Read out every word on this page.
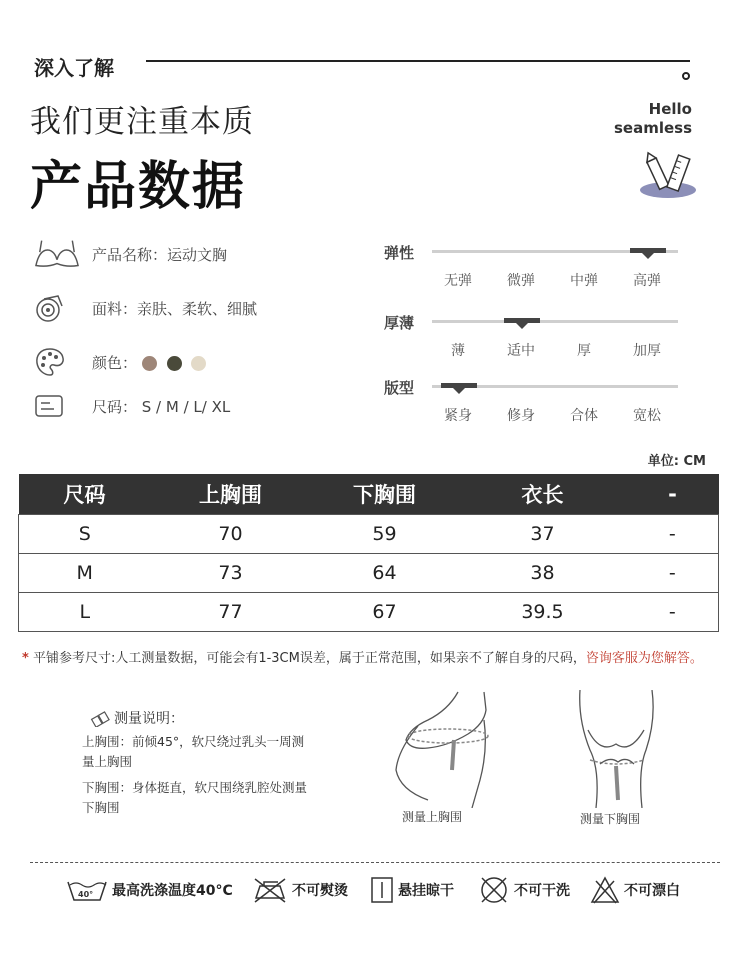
深入了解
我们更注重本质
产品数据
Hello
seamless
产品名称：运动文胸
面料：亲肤、柔软、细腻
颜色：
尺码： S / M / L/ XL
弹性
无弹	微弹	中弹	高弹
厚薄
薄	适中	厚	加厚
版型
紧身	修身	合体	宽松
单位: CM
尺码	上胸围	下胸围	衣长	-
S	70	59	37	-
M	73	64	38	-
L	77	67	39.5	-
* 平铺参考尺寸:人工测量数据，可能会有1-3CM误差，属于正常范围，如果亲不了解自身的尺码，咨询客服为您解答。
测量说明：
上胸围：前倾45°，软尺绕过乳头一周测量上胸围
下胸围：身体挺直，软尺围绕乳腔处测量下胸围
测量上胸围	测量下胸围
40° 最高洗涤温度40°C	不可熨烫	悬挂晾干	不可干洗	不可漂白
